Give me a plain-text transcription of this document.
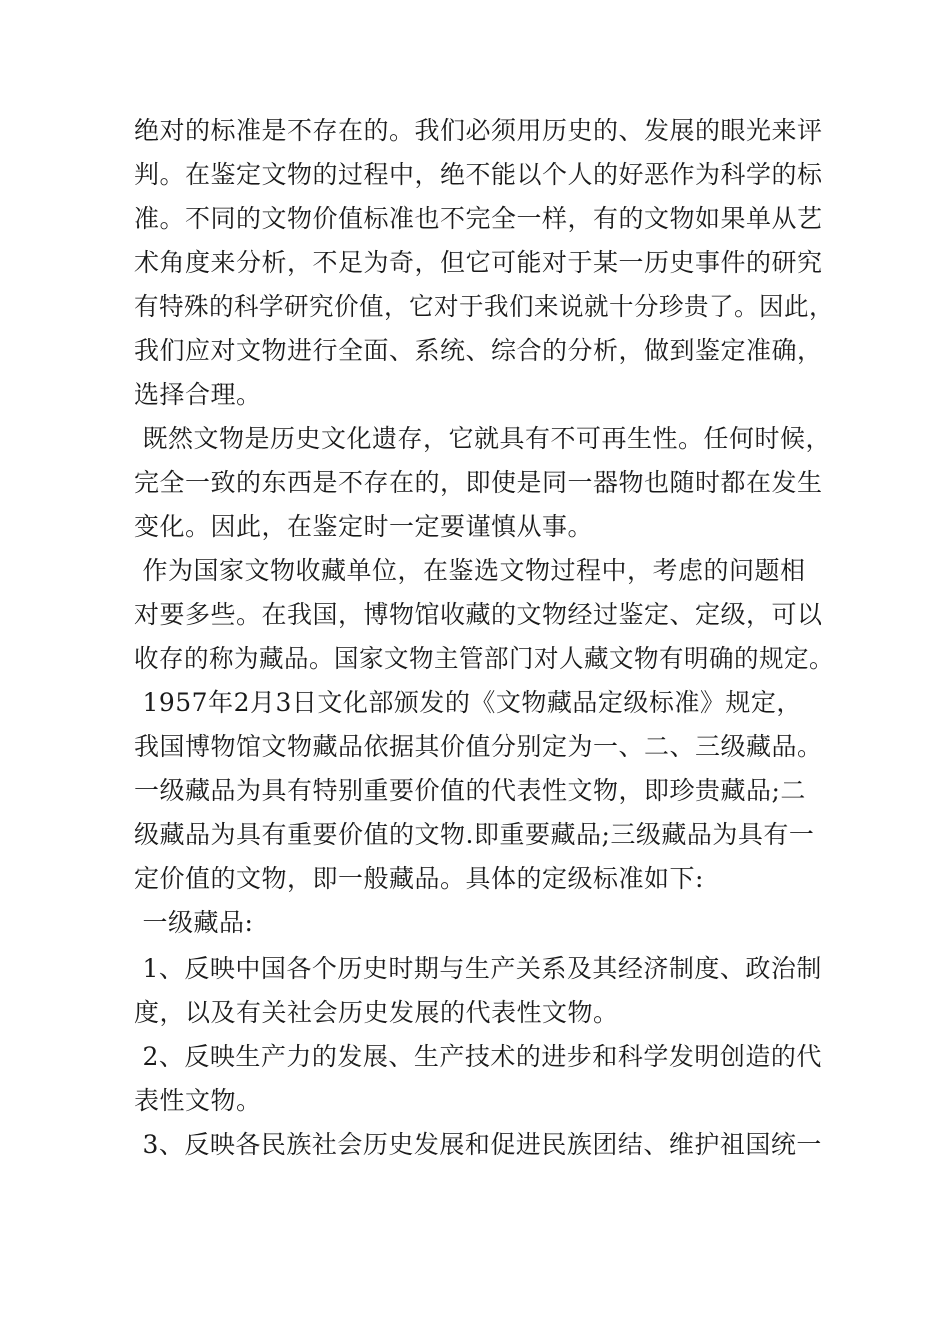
绝对的标准是不存在的。我们必须用历史的、发展的眼光来评
判。在鉴定文物的过程中，绝不能以个人的好恶作为科学的标
准。不同的文物价值标准也不完全一样，有的文物如果单从艺
术角度来分析，不足为奇，但它可能对于某一历史事件的研究
有特殊的科学研究价值，它对于我们来说就十分珍贵了。因此，
我们应对文物进行全面、系统、综合的分析，做到鉴定准确，
选择合理。
既然文物是历史文化遗存，它就具有不可再生性。任何时候，
完全一致的东西是不存在的，即使是同一器物也随时都在发生
变化。因此，在鉴定时一定要谨慎从事。
作为国家文物收藏单位，在鉴选文物过程中，考虑的问题相
对要多些。在我国，博物馆收藏的文物经过鉴定、定级，可以
收存的称为藏品。国家文物主管部门对人藏文物有明确的规定。
1957年2月3日文化部颁发的《文物藏品定级标准》规定，
我国博物馆文物藏品依据其价值分别定为一、二、三级藏品。
一级藏品为具有特别重要价值的代表性文物，即珍贵藏品;二
级藏品为具有重要价值的文物.即重要藏品;三级藏品为具有一
定价值的文物，即一般藏品。具体的定级标准如下:
一级藏品:
1、反映中国各个历史时期与生产关系及其经济制度、政治制
度，以及有关社会历史发展的代表性文物。
2、反映生产力的发展、生产技术的进步和科学发明创造的代
表性文物。
3、反映各民族社会历史发展和促进民族团结、维护祖国统一
